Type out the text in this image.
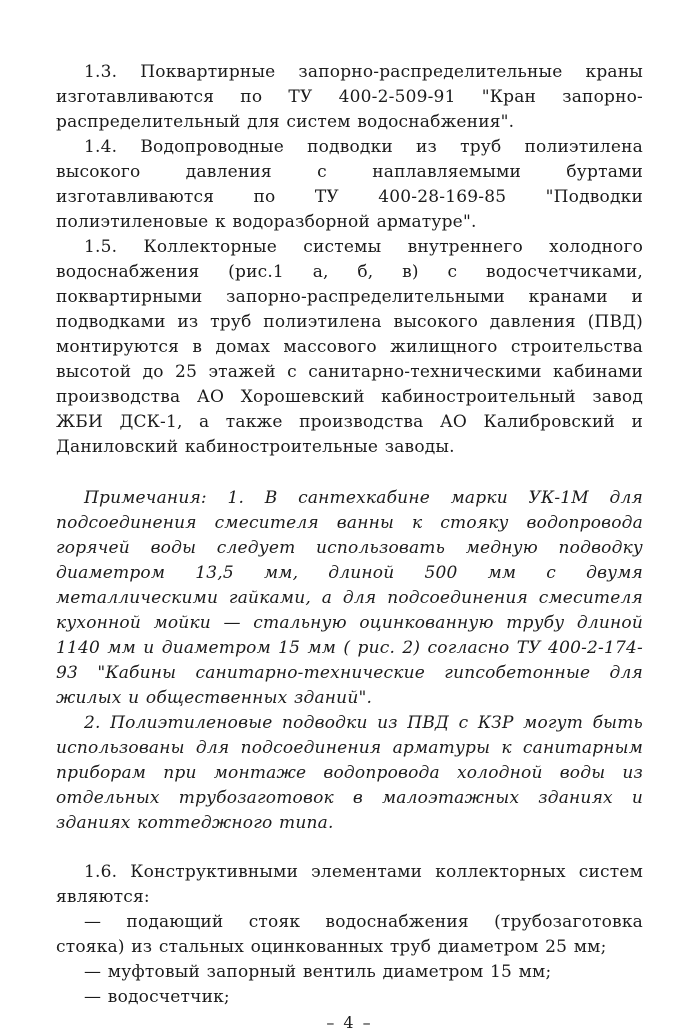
1.3. Поквартирные запорно-распределительные краны изготавливаются по ТУ 400-2-509-91 "Кран запорно-распределительный для систем водоснабжения".

1.4. Водопроводные подводки из труб полиэтилена высокого давления с наплавляемыми буртами изготавливаются по ТУ 400-28-169-85 "Подводки полиэтиленовые к водоразборной арматуре".

1.5. Коллекторные системы внутреннего холодного водоснабжения (рис.1 а, б, в) с водосчетчиками, поквартирными запорно-распределительными кранами и подводками из труб полиэтилена высокого давления (ПВД) монтируются в домах массового жилищного строительства высотой до 25 этажей с санитарно-техническими кабинами производства АО Хорошевский кабиностроительный завод ЖБИ ДСК-1, а также производства АО Калибровский и Даниловский кабиностроительные заводы.

Примечания: 1. В сантехкабине марки УК-1М для подсоединения смесителя ванны к стояку водопровода горячей воды следует использовать медную подводку диаметром 13,5 мм, длиной 500 мм с двумя металлическими гайками, а для подсоединения смесителя кухонной мойки — стальную оцинкованную трубу длиной 1140 мм и диаметром 15 мм ( рис. 2) согласно ТУ 400-2-174-93 "Кабины санитарно-технические гипсобетонные для жилых и общественных зданий".

2. Полиэтиленовые подводки из ПВД с КЗР могут быть использованы для подсоединения арматуры к санитарным приборам при монтаже водопровода холодной воды из отдельных трубозаготовок в малоэтажных зданиях и зданиях коттеджного типа.

1.6. Конструктивными элементами коллекторных систем являются:

— подающий стояк водоснабжения (трубозаготовка стояка) из стальных оцинкованных труб диаметром 25 мм;

— муфтовый запорный вентиль диаметром 15 мм;

— водосчетчик;

– 4 –
